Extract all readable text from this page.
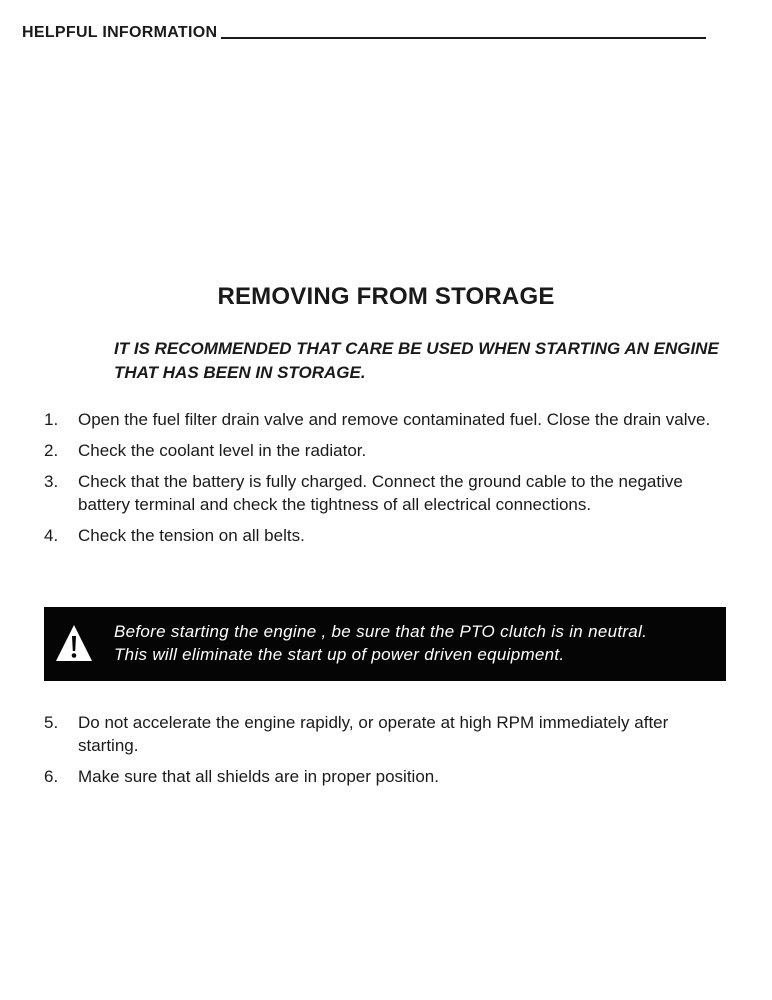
HELPFUL INFORMATION
REMOVING FROM STORAGE

IT IS RECOMMENDED THAT CARE BE USED WHEN STARTING AN ENGINE THAT HAS BEEN IN STORAGE.

1. Open the fuel filter drain valve and remove contaminated fuel. Close the drain valve.
2. Check the coolant level in the radiator.
3. Check that the battery is fully charged. Connect the ground cable to the negative battery terminal and check the tightness of all electrical connections.
4. Check the tension on all belts.
Before starting the engine , be sure that the PTO clutch is in neutral.
This will eliminate the start up of power driven equipment.
5. Do not accelerate the engine rapidly, or operate at high RPM immediately after starting.
6. Make sure that all shields are in proper position.
